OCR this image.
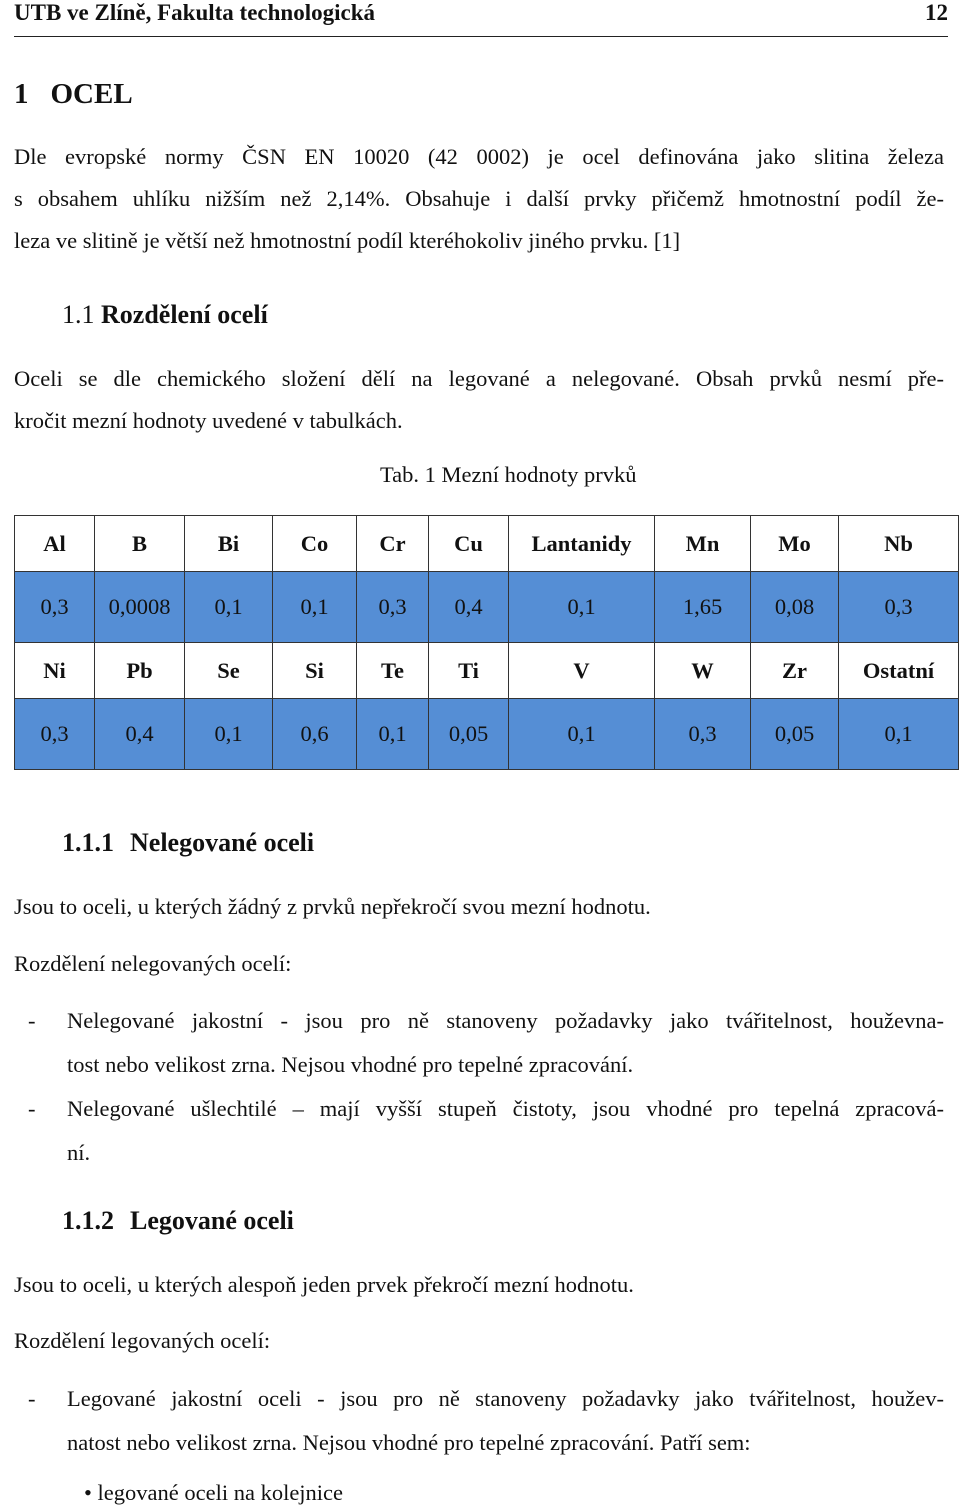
UTB ve Zlíně, Fakulta technologická	12
1 OCEL
Dle evropské normy ČSN EN 10020 (42 0002) je ocel definována jako slitina železa
s obsahem uhlíku nižším než 2,14%. Obsahuje i další prvky přičemž hmotnostní podíl že-
leza ve slitině je větší než hmotnostní podíl kteréhokoliv jiného prvku. [1]
1.1 Rozdělení ocelí
Oceli se dle chemického složení dělí na legované a nelegované. Obsah prvků nesmí pře-
kročit mezní hodnoty uvedené v tabulkách.
Tab. 1 Mezní hodnoty prvků
Al	B	Bi	Co	Cr	Cu	Lantanidy	Mn	Mo	Nb
0,3	0,0008	0,1	0,1	0,3	0,4	0,1	1,65	0,08	0,3
Ni	Pb	Se	Si	Te	Ti	V	W	Zr	Ostatní
0,3	0,4	0,1	0,6	0,1	0,05	0,1	0,3	0,05	0,1
1.1.1 Nelegované oceli
Jsou to oceli, u kterých žádný z prvků nepřekročí svou mezní hodnotu.
Rozdělení nelegovaných ocelí:
- Nelegované jakostní - jsou pro ně stanoveny požadavky jako tvářitelnost, houževna-
tost nebo velikost zrna. Nejsou vhodné pro tepelné zpracování.
- Nelegované ušlechtilé – mají vyšší stupeň čistoty, jsou vhodné pro tepelná zpracová-
ní.
1.1.2 Legované oceli
Jsou to oceli, u kterých alespoň jeden prvek překročí mezní hodnotu.
Rozdělení legovaných ocelí:
- Legované jakostní oceli - jsou pro ně stanoveny požadavky jako tvářitelnost, houžev-
natost nebo velikost zrna. Nejsou vhodné pro tepelné zpracování. Patří sem:
• legované oceli na kolejnice
